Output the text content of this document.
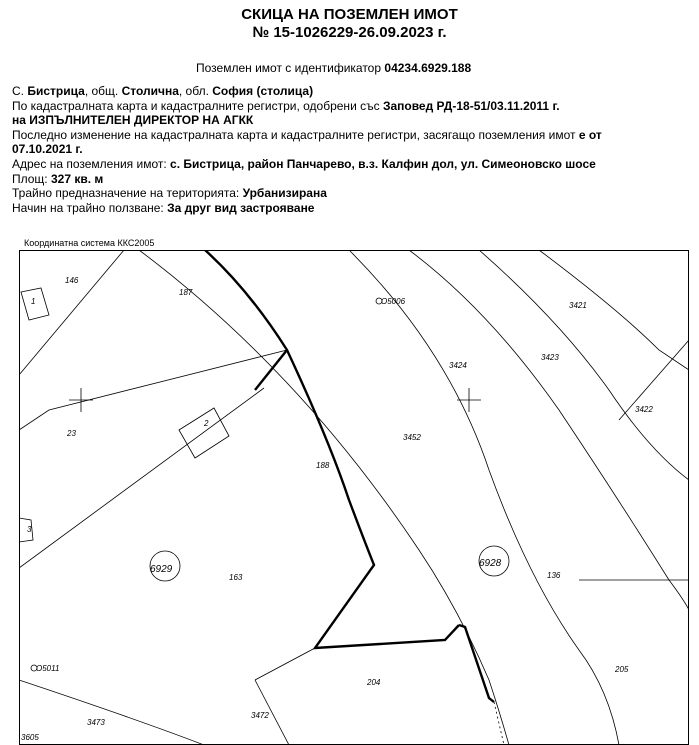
СКИЦА НА ПОЗЕМЛЕН ИМОТ
№ 15-1026229-26.09.2023 г.
Поземлен имот с идентификатор 04234.6929.188
С. Бистрица, общ. Столична, обл. София (столица)
По кадастралната карта и кадастралните регистри, одобрени със Заповед РД-18-51/03.11.2011 г.
на ИЗПЪЛНИТЕЛЕН ДИРЕКТОР НА АГКК
Последно изменение на кадастралната карта и кадастралните регистри, засягащо поземления имот е от
07.10.2021 г.
Адрес на поземления имот: с. Бистрица, район Панчарево, в.з. Калфин дол, ул. Симеоновско шосе
Площ: 327 кв. м
Трайно предназначение на територията: Урбанизирана
Начин на трайно ползване: За друг вид застрояване
Координатна система ККС2005
146
187
1
23
2
3
188
163
6929
6928
3452
3424
3423
3421
3422
136
205
204
3472
3473
3605
О5006
О5011
